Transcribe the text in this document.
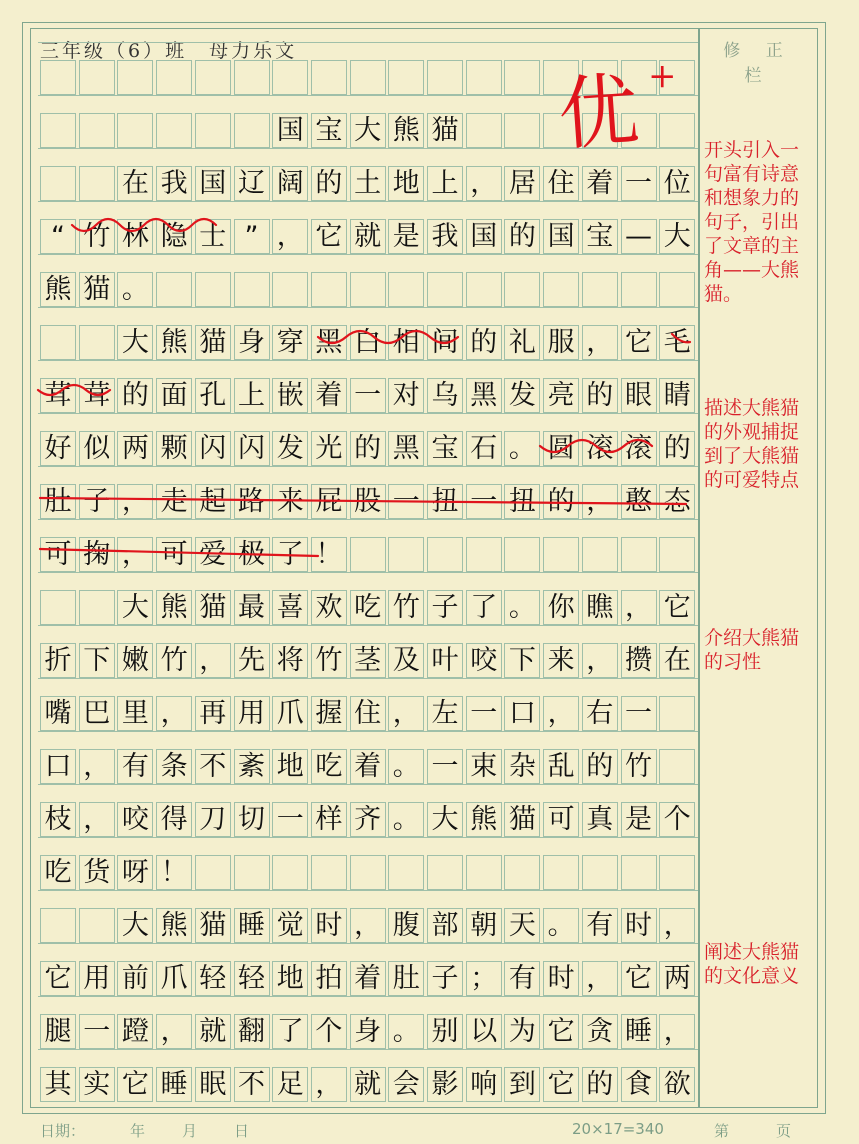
三年级（6）班　母力乐文	修 正 栏
国 宝 大 熊 猫
在 我 国 辽 阔 的 土 地 上 ， 居 住 着 一 位
“ 竹 林 隐 士 ” ， 它 就 是 我 国 的 国 宝 — 大
熊 猫 。
大 熊 猫 身 穿 黑 白 相 间 的 礼 服 ， 它 毛
茸 茸 的 面 孔 上 嵌 着 一 对 乌 黑 发 亮 的 眼 睛
好 似 两 颗 闪 闪 发 光 的 黑 宝 石 。 圆 滚 滚 的
肚 子 ， 走 起 路 来 屁 股 一 扭 一 扭 的 ， 憨 态
可 掬 ， 可 爱 极 了 ！
大 熊 猫 最 喜 欢 吃 竹 子 了 。 你 瞧 ， 它
折 下 嫩 竹 ， 先 将 竹 茎 及 叶 咬 下 来 ， 攒 在
嘴 巴 里 ， 再 用 爪 握 住 ， 左 一 口 ， 右 一
口 ， 有 条 不 紊 地 吃 着 。 一 束 杂 乱 的 竹
枝 ， 咬 得 刀 切 一 样 齐 。 大 熊 猫 可 真 是 个
吃 货 呀 ！
大 熊 猫 睡 觉 时 ， 腹 部 朝 天 。 有 时 ，
它 用 前 爪 轻 轻 地 拍 着 肚 子 ； 有 时 ， 它 两
腿 一 蹬 ， 就 翻 了 个 身 。 别 以 为 它 贪 睡 ，
其 实 它 睡 眠 不 足 ， 就 会 影 响 到 它 的 食 欲
开头引入一句富有诗意和想象力的句子，引出了文章的主角——大熊猫。
描述大熊猫的外观捕捉到了大熊猫的可爱特点
介绍大熊猫的习性
阐述大熊猫的文化意义
优 +
日期：	年 月 日	20×17=340	第	页
